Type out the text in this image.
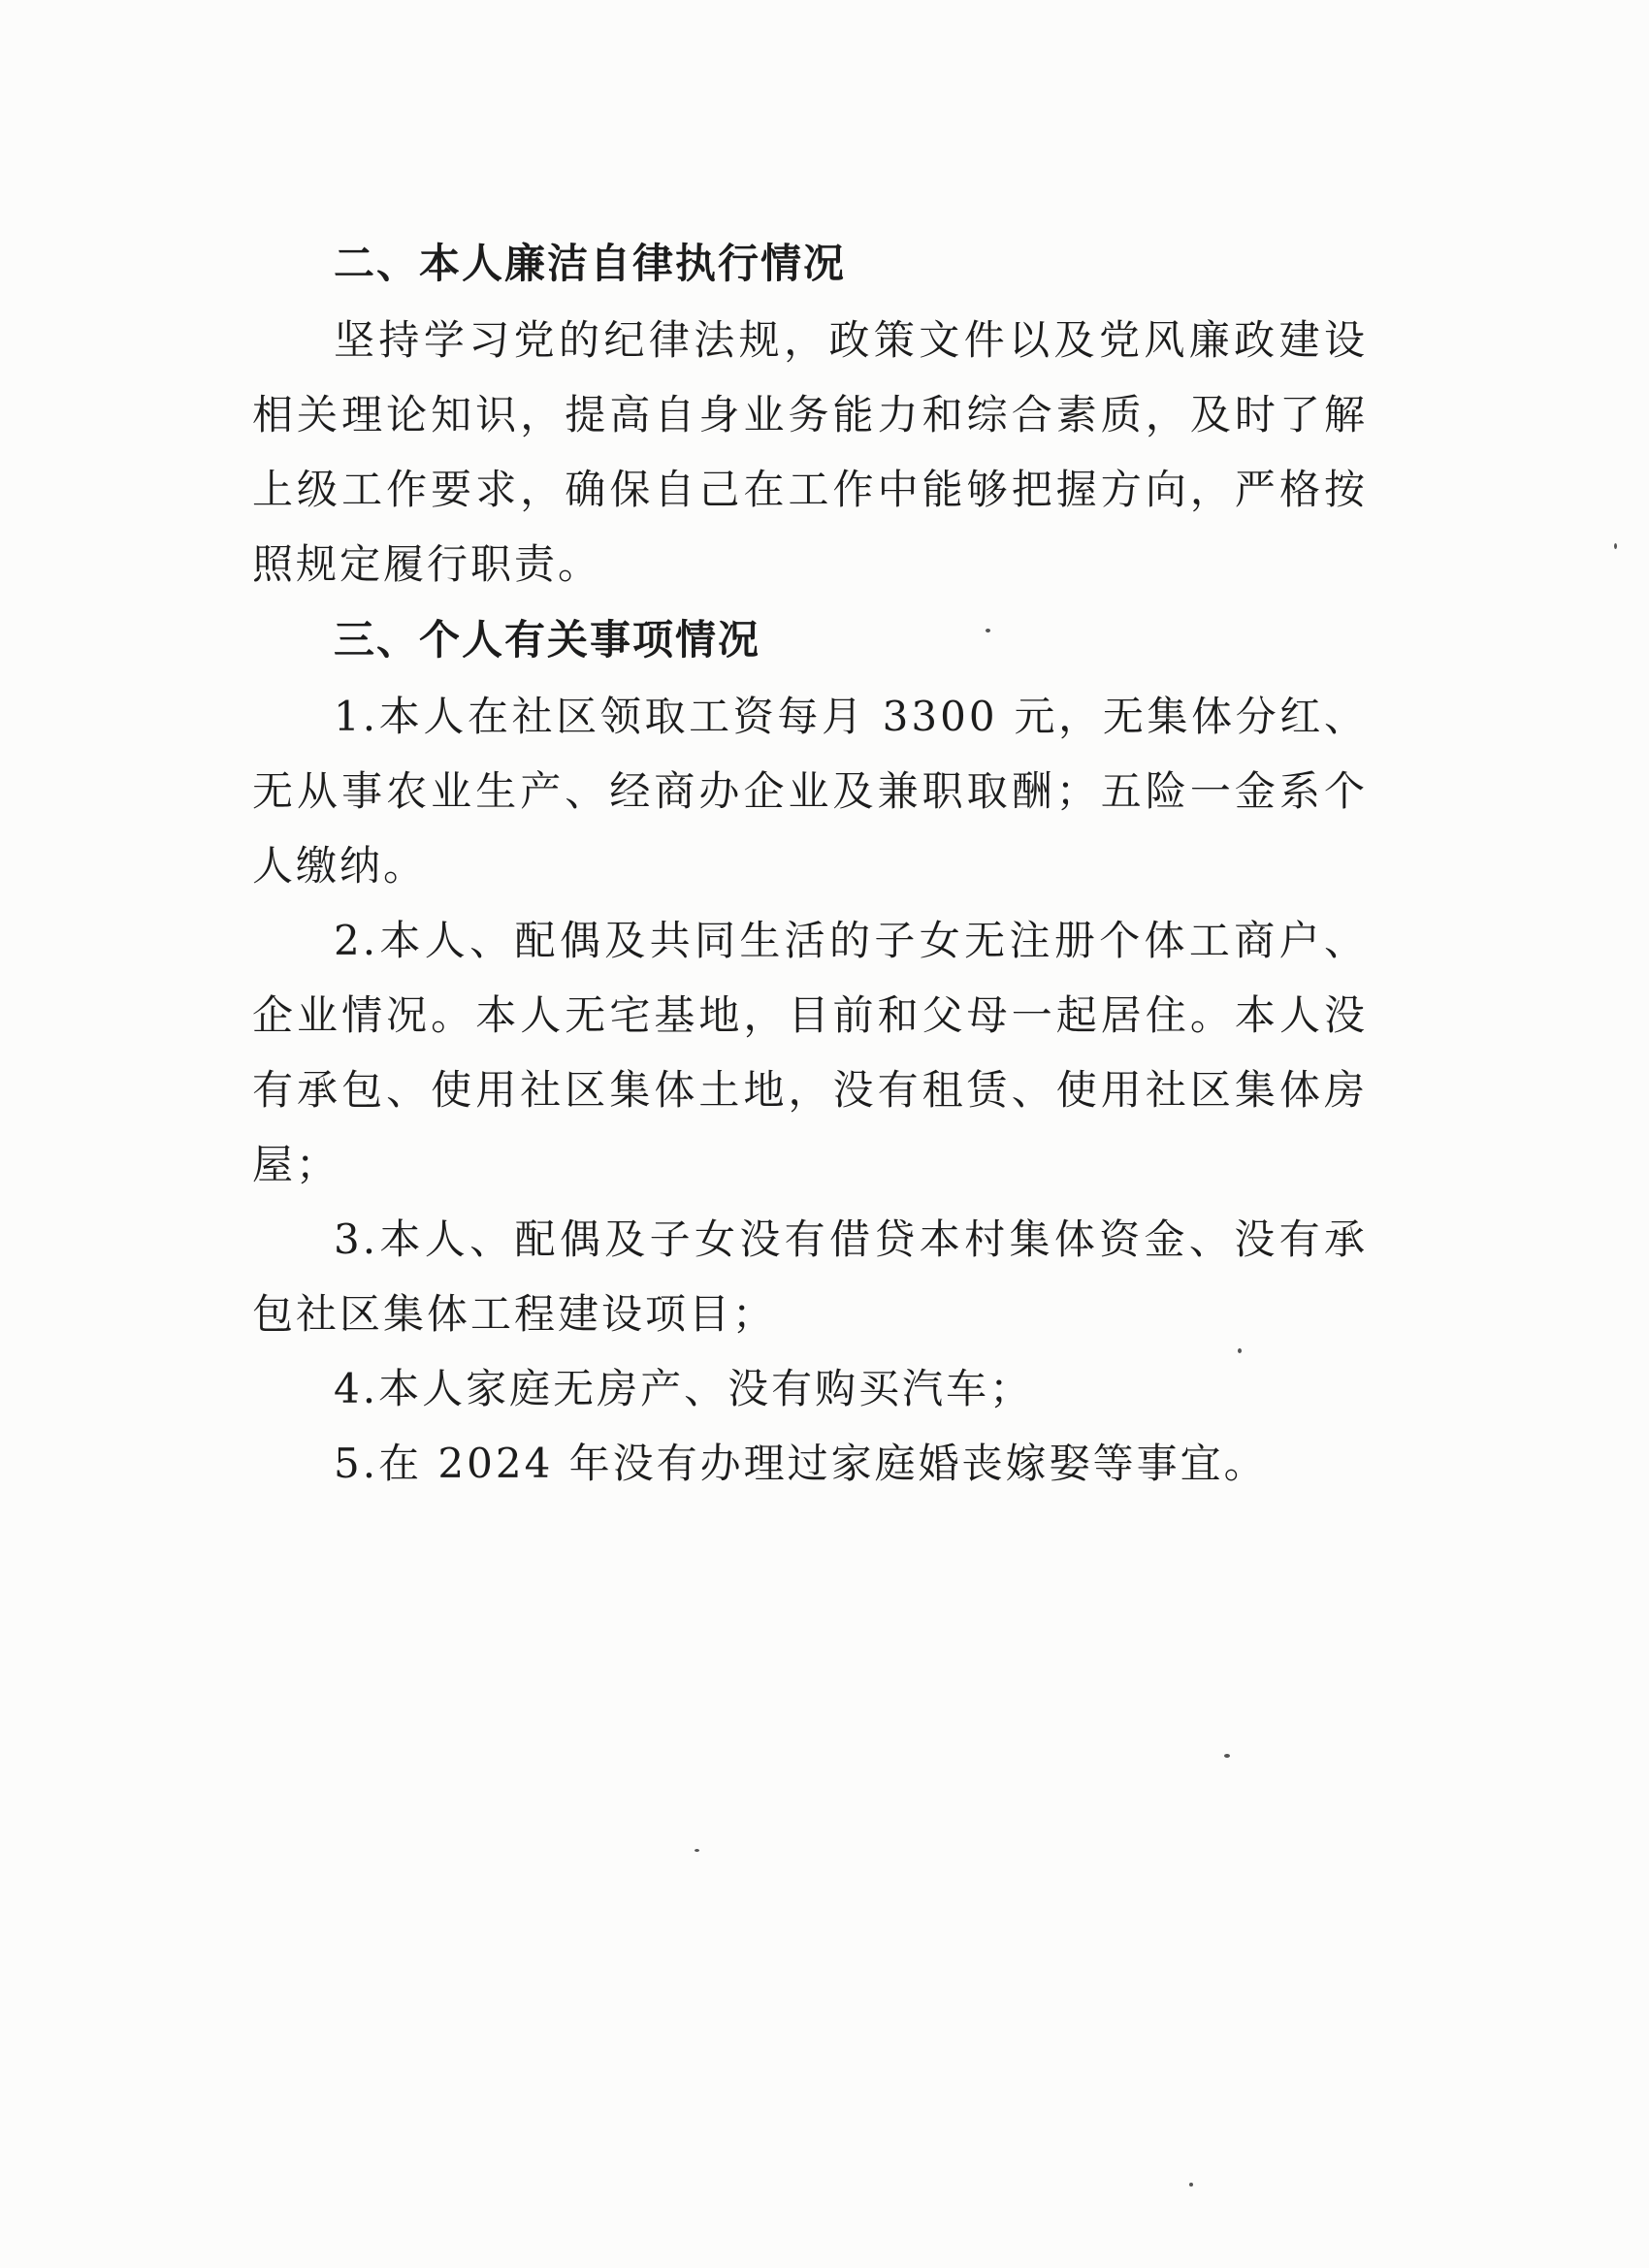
二、本人廉洁自律执行情况

坚持学习党的纪律法规，政策文件以及党风廉政建设相关理论知识，提高自身业务能力和综合素质，及时了解上级工作要求，确保自己在工作中能够把握方向，严格按照规定履行职责。

三、个人有关事项情况

1.本人在社区领取工资每月 3300 元，无集体分红、无从事农业生产、经商办企业及兼职取酬；五险一金系个人缴纳。

2.本人、配偶及共同生活的子女无注册个体工商户、企业情况。本人无宅基地，目前和父母一起居住。本人没有承包、使用社区集体土地，没有租赁、使用社区集体房屋；

3.本人、配偶及子女没有借贷本村集体资金、没有承包社区集体工程建设项目；

4.本人家庭无房产、没有购买汽车；

5.在 2024 年没有办理过家庭婚丧嫁娶等事宜。
